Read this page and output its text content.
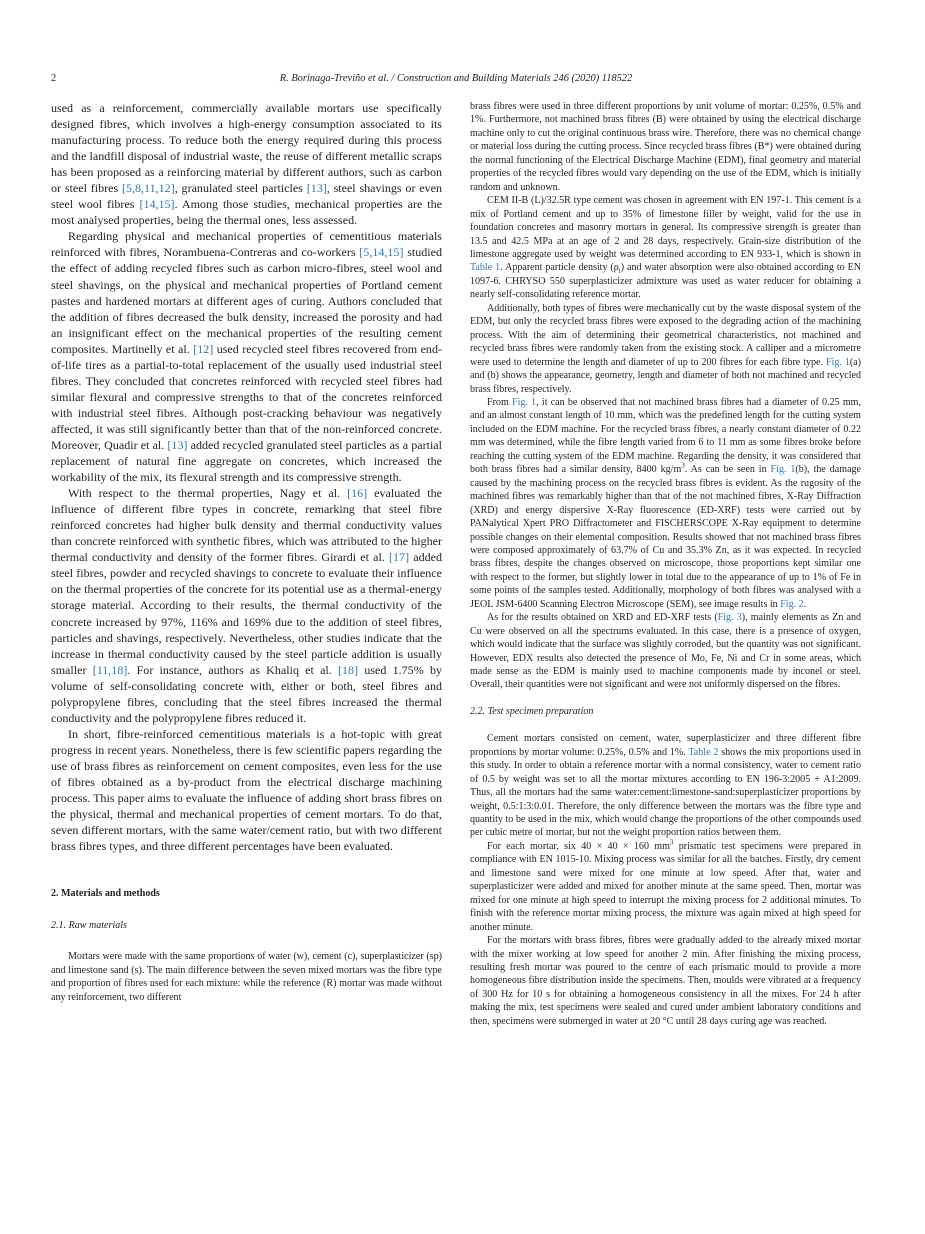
2	R. Borinaga-Treviño et al. / Construction and Building Materials 246 (2020) 118522

used as a reinforcement, commercially available mortars use specifically designed fibres, which involves a high-energy consumption associated to its manufacturing process. To reduce both the energy required during this process and the landfill disposal of industrial waste, the reuse of different metallic scraps has been proposed as a reinforcing material by different authors, such as carbon or steel fibres [5,8,11,12], granulated steel particles [13], steel shavings or even steel wool fibres [14,15]. Among those studies, mechanical properties are the most analysed properties, being the thermal ones, less assessed.

Regarding physical and mechanical properties of cementitious materials reinforced with fibres, Norambuena-Contreras and co-workers [5,14,15] studied the effect of adding recycled fibres such as carbon micro-fibres, steel wool and steel shavings, on the physical and mechanical properties of Portland cement pastes and hardened mortars at different ages of curing. Authors concluded that the addition of fibres decreased the bulk density, increased the porosity and had an insignificant effect on the mechanical properties of the resulting cement composites. Martinelly et al. [12] used recycled steel fibres recovered from end-of-life tires as a partial-to-total replacement of the usually used industrial steel fibres. They concluded that concretes reinforced with recycled steel fibres had similar flexural and compressive strengths to that of the concretes reinforced with industrial steel fibres. Although post-cracking behaviour was negatively affected, it was still significantly better than that of the non-reinforced concrete. Moreover, Quadir et al. [13] added recycled granulated steel particles as a partial replacement of natural fine aggregate on concretes, which increased the workability of the mix, its flexural strength and its compressive strength.

With respect to the thermal properties, Nagy et al. [16] evaluated the influence of different fibre types in concrete, remarking that steel fibre reinforced concretes had higher bulk density and thermal conductivity values than concrete reinforced with synthetic fibres, which was attributed to the higher thermal conductivity and density of the former fibres. Girardi et al. [17] added steel fibres, powder and recycled shavings to concrete to evaluate their influence on the thermal properties of the concrete for its potential use as a thermal-energy storage material. According to their results, the thermal conductivity of the concrete increased by 97%, 116% and 169% due to the addition of steel fibres, particles and shavings, respectively. Nevertheless, other studies indicate that the increase in thermal conductivity caused by the steel particle addition is usually smaller [11,18]. For instance, authors as Khaliq et al. [18] used 1.75% by volume of self-consolidating concrete with, either or both, steel fibres and polypropylene fibres, concluding that the steel fibres increased the thermal conductivity and the polypropylene fibres reduced it.

In short, fibre-reinforced cementitious materials is a hot-topic with great progress in recent years. Nonetheless, there is few scientific papers regarding the use of brass fibres as reinforcement on cement composites, even less for the use of fibres obtained as a by-product from the electrical discharge machining process. This paper aims to evaluate the influence of adding short brass fibres on the physical, thermal and mechanical properties of cement mortars. To do that, seven different mortars, with the same water/cement ratio, but with two different brass fibres types, and three different percentages have been evaluated.

2. Materials and methods
2.1. Raw materials

Mortars were made with the same proportions of water (w), cement (c), superplasticizer (sp) and limestone sand (s). The main difference between the seven mixed mortars was the fibre type and proportion of fibres used for each mixture: while the reference (R) mortar was made without any reinforcement, two different

brass fibres were used in three different proportions by unit volume of mortar: 0.25%, 0.5% and 1%. Furthermore, not machined brass fibres (B) were obtained by using the electrical discharge machine only to cut the original continuous brass wire. Therefore, there was no chemical change or material loss during the cutting process. Since recycled brass fibres (B*) were obtained during the normal functioning of the Electrical Discharge Machine (EDM), final geometry and material properties of the recycled fibres would vary depending on the use of the EDM, which is initially random and unknown.

CEM II-B (L)/32.5R type cement was chosen in agreement with EN 197-1. This cement is a mix of Portland cement and up to 35% of limestone filler by weight, valid for the use in foundation concretes and masonry mortars in general. Its compressive strength is greater than 13.5 and 42.5 MPa at an age of 2 and 28 days, respectively. Grain-size distribution of the limestone aggregate used by weight was determined according to EN 933-1, which is shown in Table 1. Apparent particle density $(\rho_t)$ and water absorption were also obtained according to EN 1097-6. CHRYSO 550 superplasticizer admixture was used as water reducer for obtaining a nearly self-consolidating reference mortar.

Additionally, both types of fibres were mechanically cut by the waste disposal system of the EDM, but only the recycled brass fibres were exposed to the degrading action of the machining process. With the aim of determining their geometrical characteristics, not machined and recycled brass fibres were randomly taken from the existing stock. A calliper and a micrometre were used to determine the length and diameter of up to 200 fibres for each fibre type. Fig. 1(a) and (b) shows the appearance, geometry, length and diameter of both not machined and recycled brass fibres, respectively.

From Fig. 1, it can be observed that not machined brass fibres had a diameter of 0.25 mm, and an almost constant length of 10 mm, which was the predefined length for the cutting system included on the EDM machine. For the recycled brass fibres, a nearly constant diameter of 0.22 mm was determined, while the fibre length varied from 6 to 11 mm as some fibres broke before reaching the cutting system of the EDM machine. Regarding the density, it was considered that both brass fibres had a similar density, 8400 $kg/m^3$. As can be seen in Fig. 1(b), the damage caused by the machining process on the recycled brass fibres is evident. As the rugosity of the machined fibres was remarkably higher than that of the not machined fibres, X-Ray Diffraction (XRD) and energy dispersive X-Ray fluorescence (ED-XRF) tests were carried out by PANalytical Xpert PRO Diffractometer and FISCHERSCOPE X-Ray equipment to determine possible changes on their elemental composition. Results showed that not machined brass fibres were composed approximately of 63.7% of Cu and 35.3% Zn, as it was expected. In recycled brass fibres, despite the changes observed on microscope, those proportions kept similar one with respect to the former, but slightly lower in total due to the appearance of up to 1% of Fe in some points of the samples tested. Additionally, morphology of both fibres was analysed with a JEOL JSM-6400 Scanning Electron Microscope (SEM), see image results in Fig. 2.

As for the results obtained on XRD and ED-XRF tests (Fig. 3), mainly elements as Zn and Cu were observed on all the spectrums evaluated. In this case, there is a presence of oxygen, which would indicate that the surface was slightly corroded, but the quantity was not significant. However, EDX results also detected the presence of Mo, Fe, Ni and Cr in some areas, which made sense as the EDM is mainly used to machine components made by inconel or steel. Overall, their quantities were not significant and were not uniformly dispersed on the fibres.

2.2. Test specimen preparation

Cement mortars consisted on cement, water, superplasticizer and three different fibre proportions by mortar volume: 0.25%, 0.5% and 1%. Table 2 shows the mix proportions used in this study. In order to obtain a reference mortar with a normal consistency, water to cement ratio of 0.5 by weight was set to all the mortar mixtures according to EN 196-3:2005 + A1:2009. Thus, all the mortars had the same water:cement:limestone-sand:superplasticizer proportions by weight, 0.5:1:3:0.01. Therefore, the only difference between the mortars was the fibre type and quantity to be used in the mix, which would change the proportions of the other compounds used per cubic metre of mortar, but not the weight proportion ratios between them.

For each mortar, six 40 × 40 × 160 $mm^3$ prismatic test specimens were prepared in compliance with EN 1015-10. Mixing process was similar for all the batches. Firstly, dry cement and limestone sand were mixed for one minute at low speed. After that, water and superplasticizer were added and mixed for another minute at the same speed. Then, mortar was mixed for one minute at high speed to interrupt the mixing process for 2 additional minutes. To finish with the reference mortar mixing process, the mixture was again mixed at high speed for another minute.

For the mortars with brass fibres, fibres were gradually added to the already mixed mortar with the mixer working at low speed for another 2 min. After finishing the mixing process, resulting fresh mortar was poured to the centre of each prismatic mould to provide a more homogeneous fibre distribution inside the specimens. Then, moulds were vibrated at a frequency of 300 Hz for 10 s for obtaining a homogeneous consistency in all the mixes. For 24 h after making the mix, test specimens were sealed and cured under ambient laboratory conditions and then, specimens were submerged in water at 20 °C until 28 days curing age was reached.
